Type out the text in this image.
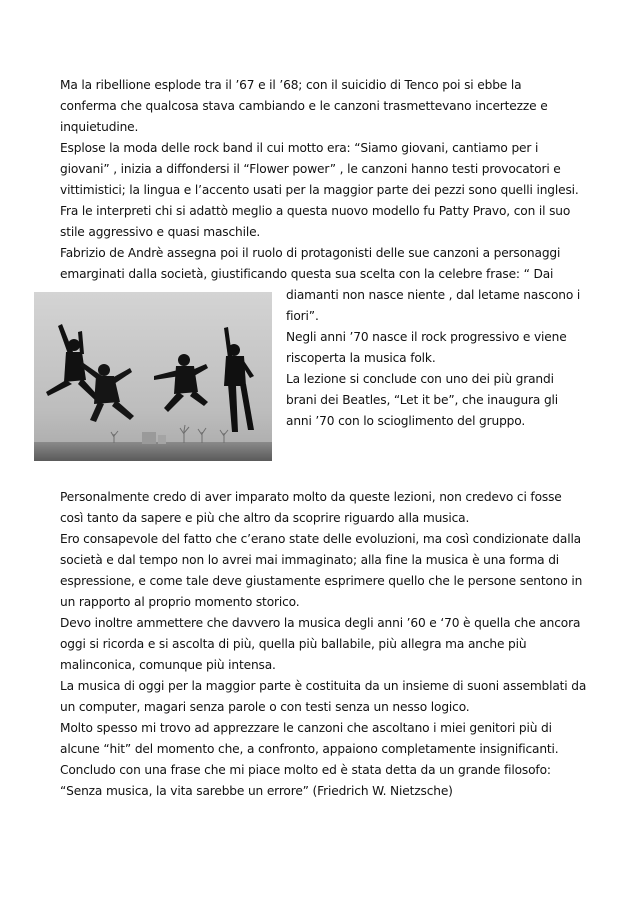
Ma la ribellione esplode tra il ’67 e il ’68; con il suicidio di Tenco poi si ebbe la
conferma che qualcosa stava cambiando e le canzoni trasmettevano incertezze e
inquietudine.
Esplose la moda delle rock band il cui motto era: “Siamo giovani, cantiamo per i
giovani” , inizia a diffondersi il “Flower power” , le canzoni hanno testi provocatori e
vittimistici; la lingua e l’accento usati per la maggior parte dei pezzi sono quelli inglesi.
Fra le interpreti chi si adattò meglio a questa nuovo modello fu Patty Pravo, con il suo
stile aggressivo e quasi maschile.
Fabrizio de Andrè assegna poi il ruolo di protagonisti delle sue canzoni a personaggi
emarginati dalla società, giustificando questa sua scelta con la celebre frase: “ Dai
diamanti non nasce niente , dal letame nascono i
fiori”.
Negli anni ’70 nasce il rock progressivo e viene
riscoperta la musica folk.
La lezione si conclude con uno dei più grandi
brani dei Beatles, “Let it be”, che inaugura gli
anni ’70 con lo scioglimento del gruppo.
Personalmente credo di aver imparato molto da queste lezioni, non credevo ci fosse
così tanto da sapere e più che altro da scoprire riguardo alla musica.
Ero consapevole del fatto che c’erano state delle evoluzioni, ma così condizionate dalla
società e dal tempo non lo avrei mai immaginato; alla fine la musica è una forma di
espressione, e come tale deve giustamente esprimere quello che le persone sentono in
un rapporto al proprio momento storico.
Devo inoltre ammettere che davvero la musica degli anni ’60 e ‘70 è quella che ancora
oggi si ricorda e si ascolta di più, quella più ballabile, più allegra ma anche più
malinconica, comunque più intensa.
La musica di oggi per la maggior parte è costituita da un insieme di suoni assemblati da
un computer, magari senza parole o con testi senza un nesso logico.
Molto spesso mi trovo ad apprezzare le canzoni che ascoltano i miei genitori più di
alcune “hit” del momento che, a confronto, appaiono completamente insignificanti.
Concludo con una frase che mi piace molto ed è stata detta da un grande filosofo:
“Senza musica, la vita sarebbe un errore” (Friedrich W. Nietzsche)
